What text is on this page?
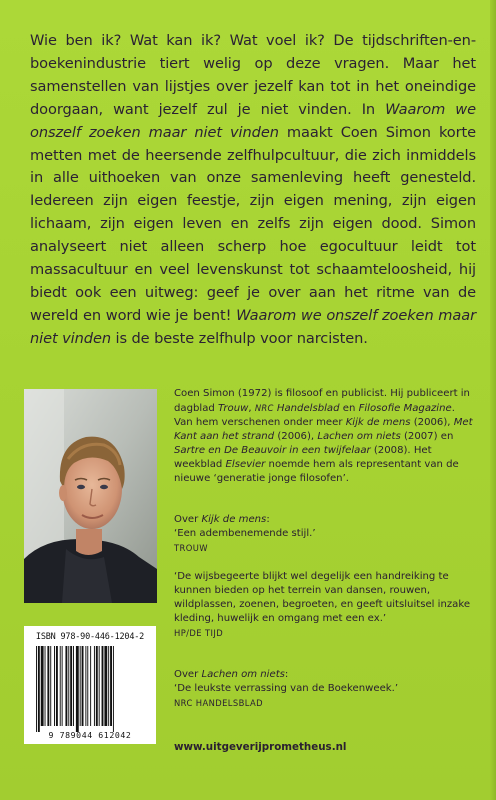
Wie ben ik? Wat kan ik? Wat voel ik? De tijdschriften-en-boekenindustrie tiert welig op deze vragen. Maar het samenstellen van lijstjes over jezelf kan tot in het oneindige doorgaan, want jezelf zul je niet vinden. In Waarom we onszelf zoeken maar niet vinden maakt Coen Simon korte metten met de heersende zelfhulpcultuur, die zich inmiddels in alle uithoeken van onze samenleving heeft genesteld. Iedereen zijn eigen feestje, zijn eigen mening, zijn eigen lichaam, zijn eigen leven en zelfs zijn eigen dood. Simon analyseert niet alleen scherp hoe egocultuur leidt tot massacultuur en veel levenskunst tot schaamteloosheid, hij biedt ook een uitweg: geef je over aan het ritme van de wereld en word wie je bent! Waarom we onszelf zoeken maar niet vinden is de beste zelfhulp voor narcisten.

Coen Simon (1972) is filosoof en publicist. Hij publiceert in dagblad Trouw, NRC Handelsblad en Filosofie Magazine. Van hem verschenen onder meer Kijk de mens (2006), Met Kant aan het strand (2006), Lachen om niets (2007) en Sartre en De Beauvoir in een twijfelaar (2008). Het weekblad Elsevier noemde hem als representant van de nieuwe ‘generatie jonge filosofen’.

Over Kijk de mens:

‘Een adembenemende stijl.’

TROUW

‘De wijsbegeerte blijkt wel degelijk een handreiking te kunnen bieden op het terrein van dansen, rouwen, wildplassen, zoenen, begroeten, en geeft uitsluitsel inzake kleding, huwelijk en omgang met een ex.’

HP/DE TIJD

Over Lachen om niets:

‘De leukste verrassing van de Boekenweek.’

NRC HANDELSBLAD

ISBN 978-90-446-1204-2
9 789044 612042
www.uitgeverijprometheus.nl
